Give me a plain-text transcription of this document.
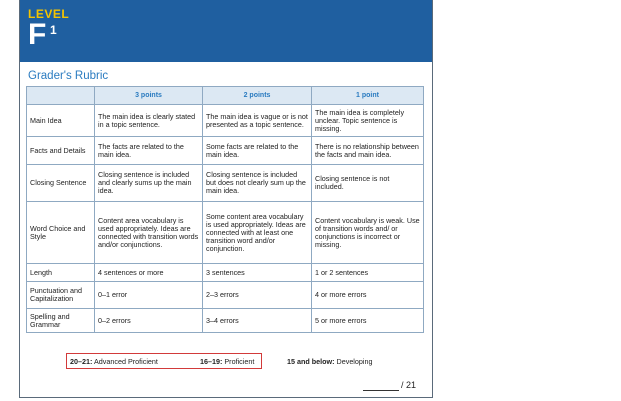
LEVEL
F 1
Grader's Rubric
	3 points	2 points	1 point
Main Idea	The main idea is clearly stated in a topic sentence.	The main idea is vague or is not presented as a topic sentence.	The main idea is completely unclear. Topic sentence is missing.
Facts and Details	The facts are related to the main idea.	Some facts are related to the main idea.	There is no relationship between the facts and main idea.
Closing Sentence	Closing sentence is included and clearly sums up the main idea.	Closing sentence is included but does not clearly sum up the main idea.	Closing sentence is not included.
Word Choice and Style	Content area vocabulary is used appropriately. Ideas are connected with transition words and/or conjunctions.	Some content area vocabulary is used appropriately. Ideas are connected with at least one transition word and/or conjunction.	Content vocabulary is weak. Use of transition words and/ or conjunctions is incorrect or missing.
Length	4 sentences or more	3 sentences	1 or 2 sentences
Punctuation and Capitalization	0–1 error	2–3 errors	4 or more errors
Spelling and Grammar	0–2 errors	3–4 errors	5 or more errors
20–21: Advanced Proficient	16–19: Proficient	15 and below: Developing
/ 21
